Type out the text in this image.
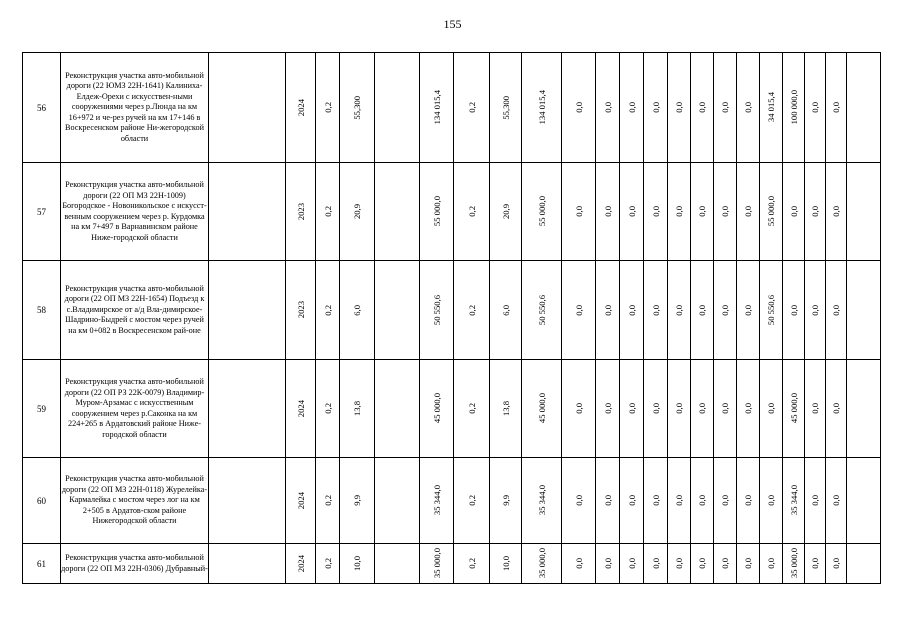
155
56	Реконструкция участка авто-мобильной дороги (22 ЮМЗ 22Н-1641) Калиниха-Елдеж-Орехи с искусствен-ными сооружениями через р.Люнда на км 16+972 и че-рез ручей на км 17+146 в Воскресенском районе Ни-жегородской области		2024	0,2	55,300		134 015,4	0,2	55,300	134 015,4	0,0	0,0	0,0	0,0	0,0	0,0	0,0	0,0	34 015,4	100 000,0	0,0	0,0	

57	Реконструкция участка авто-мобильной дороги (22 ОП МЗ 22Н-1009) Богородское - Новоникольское с искусст-венным сооружением через р. Курдомка на км 7+497 в Варнавинском районе Ниже-городской области		2023	0,2	20,9		55 000,0	0,2	20,9	55 000,0	0,0	0,0	0,0	0,0	0,0	0,0	0,0	0,0	55 000,0	0,0	0,0	0,0	

58	Реконструкция участка авто-мобильной дороги (22 ОП МЗ 22Н-1654) Подъезд к с.Владимирское от а/д Вла-димирское-Шадрино-Быдрей с мостом через ручей на км 0+082 в Воскресенском рай-оне		2023	0,2	6,0		50 550,6	0,2	6,0	50 550,6	0,0	0,0	0,0	0,0	0,0	0,0	0,0	0,0	50 550,6	0,0	0,0	0,0	

59	Реконструкция участка авто-мобильной дороги (22 ОП РЗ 22К-0079) Владимир-Муром-Арзамас с искусственным сооружением через р.Саконка на км 224+265 в Ардатовский районе Ниже-городской области		2024	0,2	13,8		45 000,0	0,2	13,8	45 000,0	0,0	0,0	0,0	0,0	0,0	0,0	0,0	0,0	0,0	45 000,0	0,0	0,0	

60	Реконструкция участка авто-мобильной дороги (22 ОП МЗ 22Н-0118) Журелейка-Кармалейка с мостом через лог на км 2+505 в Ардатов-ском районе Нижегородской области		2024	0,2	9,9		35 344,0	0,2	9,9	35 344,0	0,0	0,0	0,0	0,0	0,0	0,0	0,0	0,0	0,0	35 344,0	0,0	0,0	

61	Реконструкция участка авто-мобильной дороги (22 ОП МЗ 22Н-0306) Дубравный-		2024	0,2	10,0		35 000,0	0,2	10,0	35 000,0	0,0	0,0	0,0	0,0	0,0	0,0	0,0	0,0	0,0	35 000,0	0,0	0,0	
